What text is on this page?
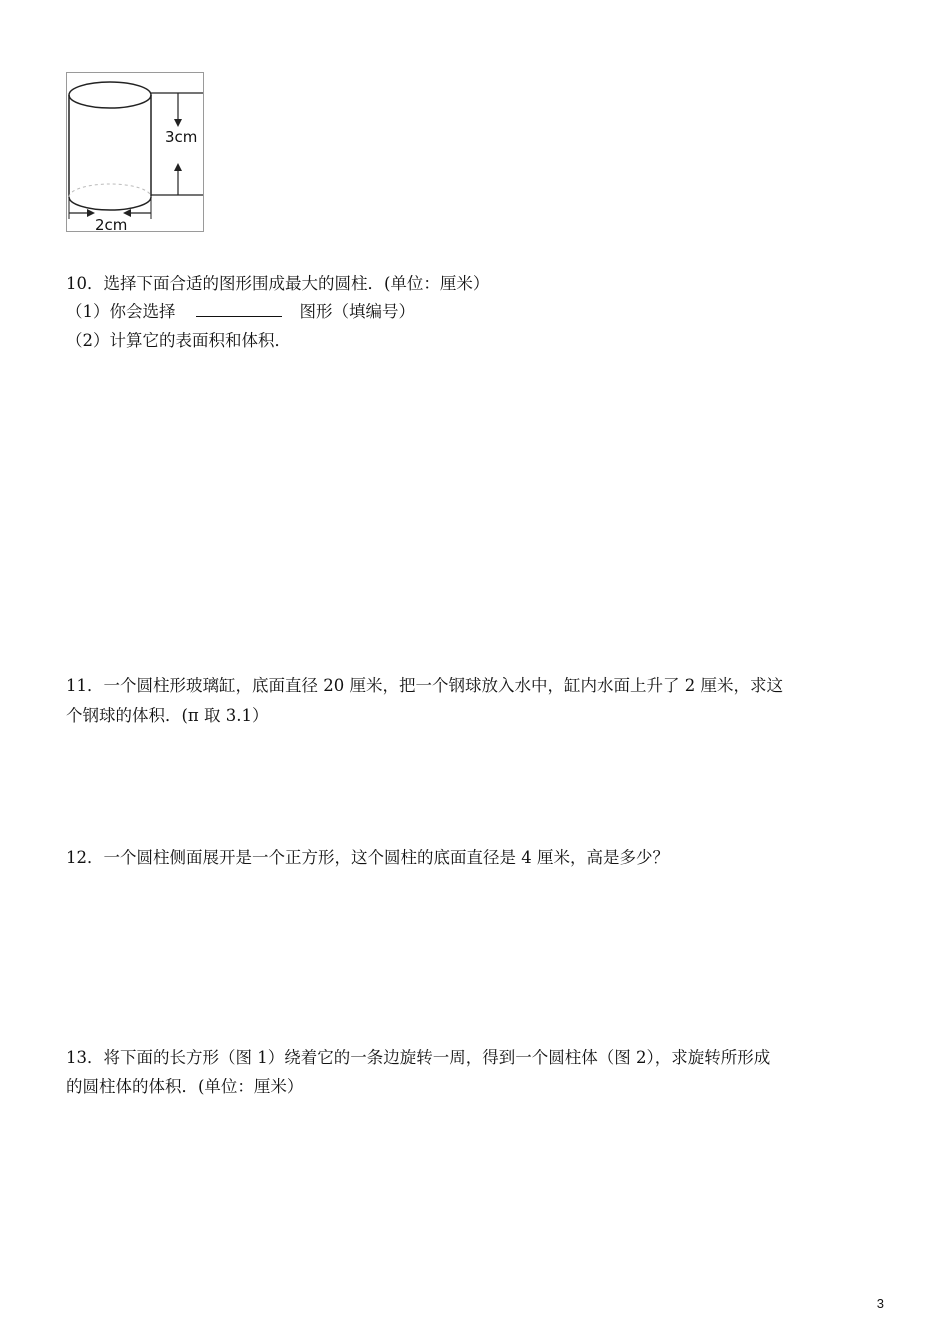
3cm
2cm
10．选择下面合适的图形围成最大的圆柱．(单位：厘米）
（1）你会选择	图形（填编号）
（2）计算它的表面积和体积．
11．一个圆柱形玻璃缸，底面直径 20 厘米，把一个钢球放入水中，缸内水面上升了 2 厘米，求这
个钢球的体积．(π 取 3.1）
12．一个圆柱侧面展开是一个正方形，这个圆柱的底面直径是 4 厘米，高是多少？
13．将下面的长方形（图 1）绕着它的一条边旋转一周，得到一个圆柱体（图 2），求旋转所形成
的圆柱体的体积．(单位：厘米）
3
